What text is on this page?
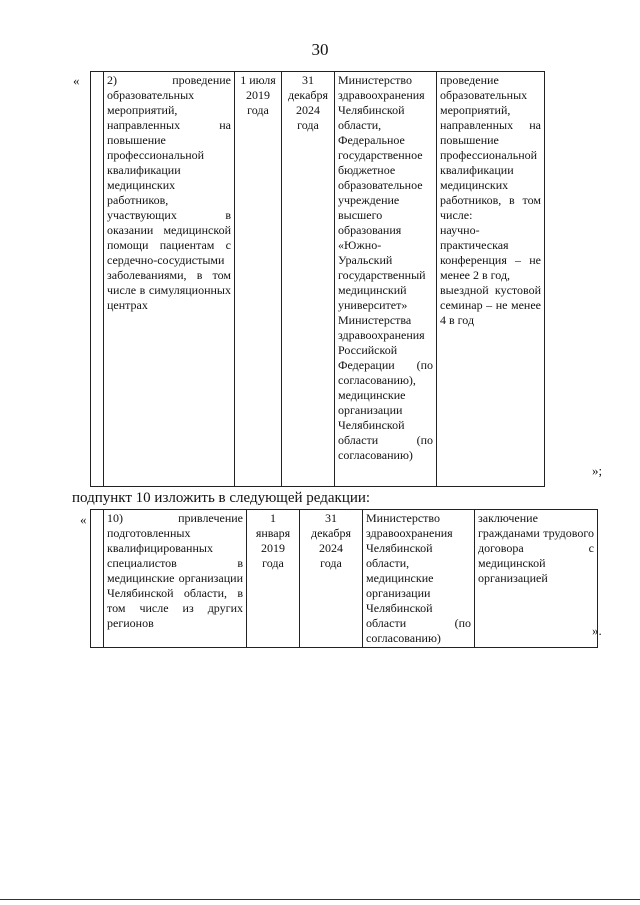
30
«
	2) проведение образовательных мероприятий, направленных на повышение профессиональной квалификации медицинских работников, участвующих в оказании медицинской помощи пациентам с сердечно-сосудистыми заболеваниями, в том числе в симуляционных центрах	1 июля
2019
года	31
декабря
2024
года	Министерство здравоохранения Челябинской области, Федеральное государственное бюджетное образовательное учреждение высшего образования «Южно-Уральский государственный медицинский университет» Министерства здравоохранения Российской Федерации (по согласованию), медицинские организации Челябинской области (по согласованию)	проведение образовательных мероприятий, направленных на повышение профессиональной квалификации медицинских работников, в том числе:
научно-практическая конференция – не менее 2 в год,
выездной кустовой семинар – не менее 4 в год
»;
подпункт 10 изложить в следующей редакции:
«
	10) привлечение подготовленных квалифицированных специалистов в медицинские организации Челябинской области, в том числе из других регионов	1
января
2019
года	31
декабря
2024
года	Министерство здравоохранения Челябинской области, медицинские организации Челябинской области (по согласованию)	заключение гражданами трудового договора с медицинской организацией
».
